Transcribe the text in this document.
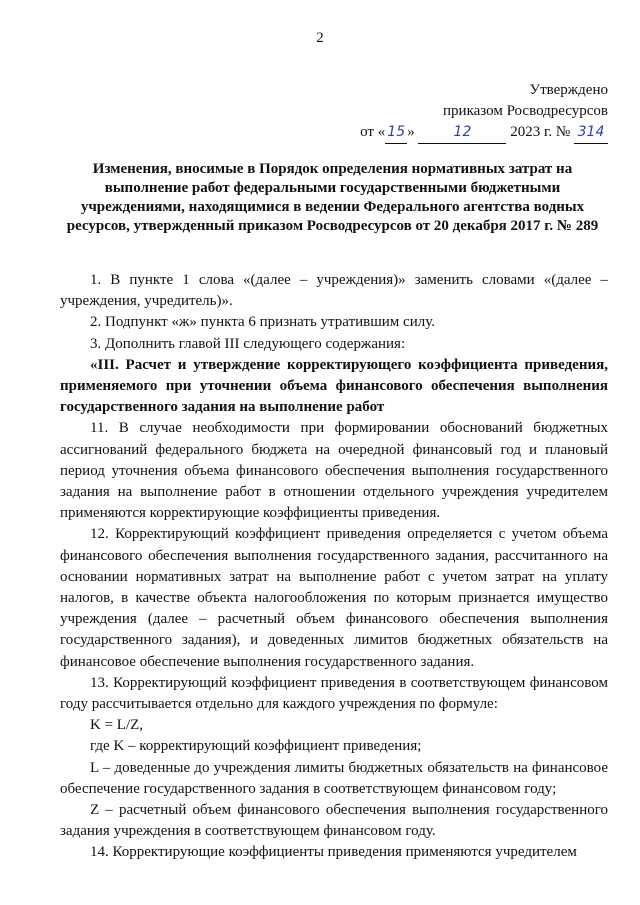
2
Утверждено
приказом Росводресурсов
от « 15 »	12	2023 г. № 314
Изменения, вносимые в Порядок определения нормативных затрат на выполнение работ федеральными государственными бюджетными учреждениями, находящимися в ведении Федерального агентства водных ресурсов, утвержденный приказом Росводресурсов от 20 декабря 2017 г. № 289

1. В пункте 1 слова «(далее – учреждения)» заменить словами «(далее – учреждения, учредитель)».

2. Подпункт «ж» пункта 6 признать утратившим силу.

3. Дополнить главой III следующего содержания:

«III. Расчет и утверждение корректирующего коэффициента приведения, применяемого при уточнении объема финансового обеспечения выполнения государственного задания на выполнение работ

11. В случае необходимости при формировании обоснований бюджетных ассигнований федерального бюджета на очередной финансовый год и плановый период уточнения объема финансового обеспечения выполнения государственного задания на выполнение работ в отношении отдельного учреждения учредителем применяются корректирующие коэффициенты приведения.

12. Корректирующий коэффициент приведения определяется с учетом объема финансового обеспечения выполнения государственного задания, рассчитанного на основании нормативных затрат на выполнение работ с учетом затрат на уплату налогов, в качестве объекта налогообложения по которым признается имущество учреждения (далее – расчетный объем финансового обеспечения выполнения государственного задания), и доведенных лимитов бюджетных обязательств на финансовое обеспечение выполнения государственного задания.

13. Корректирующий коэффициент приведения в соответствующем финансовом году рассчитывается отдельно для каждого учреждения по формуле:

K = L/Z,

где K – корректирующий коэффициент приведения;

L – доведенные до учреждения лимиты бюджетных обязательств на финансовое обеспечение государственного задания в соответствующем финансовом году;

Z – расчетный объем финансового обеспечения выполнения государственного задания учреждения в соответствующем финансовом году.

14. Корректирующие коэффициенты приведения применяются учредителем
